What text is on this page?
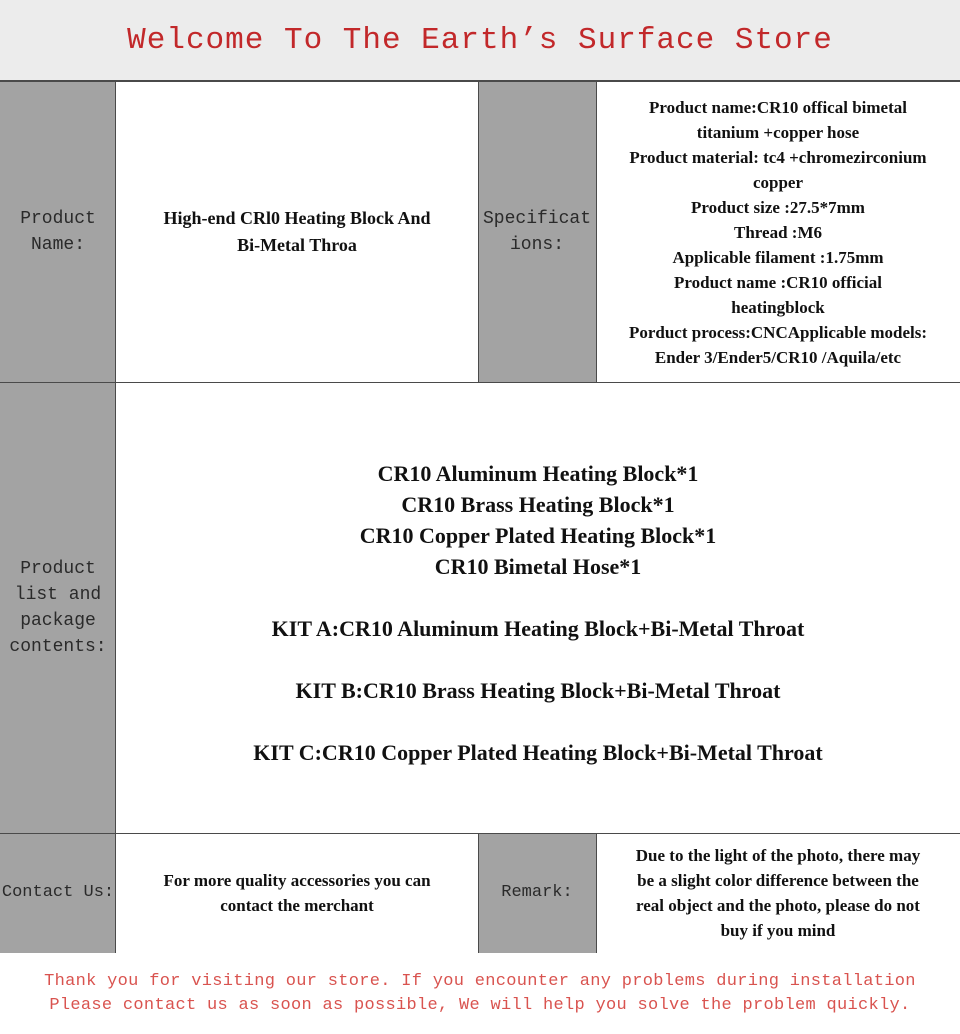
Welcome To The Earth’s Surface Store
Product
Name:
High-end CRl0 Heating Block And
Bi-Metal Throa
Specificat
ions:
Product name:CR10 offical bimetal
titanium +copper hose
Product material: tc4 +chromezirconium
copper
Product size :27.5*7mm
Thread :M6
Applicable filament :1.75mm
Product name :CR10 official
heatingblock
Porduct process:CNCApplicable models:
Ender 3/Ender5/CR10 /Aquila/etc
Product
list and
package
contents:
CR10 Aluminum Heating Block*1
CR10 Brass Heating Block*1
CR10 Copper Plated Heating Block*1
CR10 Bimetal Hose*1
KIT A:CR10 Aluminum Heating Block+Bi-Metal Throat
KIT B:CR10 Brass Heating Block+Bi-Metal Throat
KIT C:CR10 Copper Plated Heating Block+Bi-Metal Throat
Contact Us:
For more quality accessories you can
contact the merchant
Remark:
Due to the light of the photo, there may
be a slight color difference between the
real object and the photo, please do not
buy if you mind
Thank you for visiting our store. If you encounter any problems during installation
Please contact us as soon as possible, We will help you solve the problem quickly.
